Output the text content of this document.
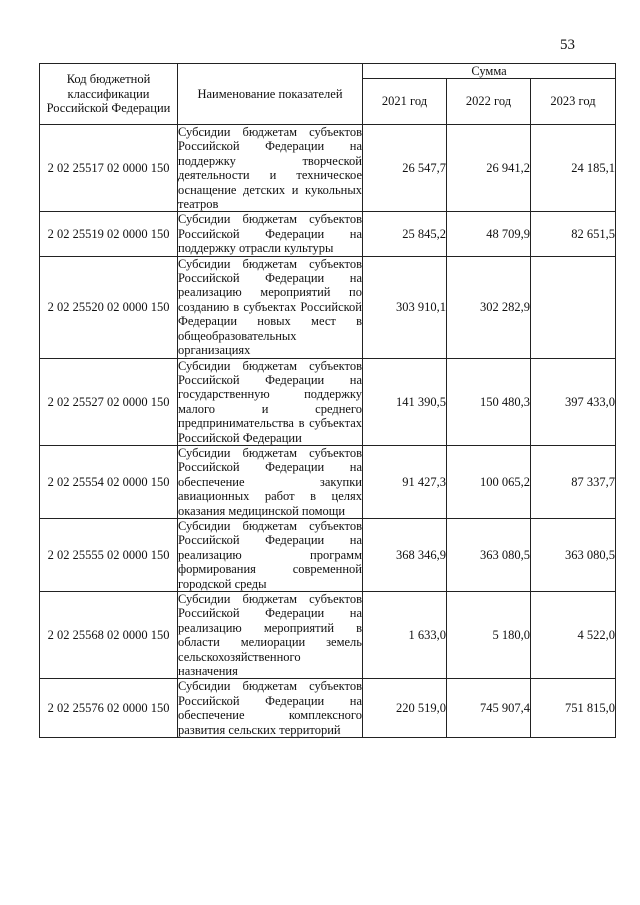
53
Код бюджетной классификации Российской Федерации	Наименование показателей	Сумма		
		2021 год	2022 год	2023 год
2 02 25517 02 0000 150	Субсидии бюджетам субъектов Российской Федерации на поддержку творческой деятельности и техническое оснащение детских и кукольных театров	26 547,7	26 941,2	24 185,1
2 02 25519 02 0000 150	Субсидии бюджетам субъектов Российской Федерации на поддержку отрасли культуры	25 845,2	48 709,9	82 651,5
2 02 25520 02 0000 150	Субсидии бюджетам субъектов Российской Федерации на реализацию мероприятий по созданию в субъектах Российской Федерации новых мест в общеобразовательных организациях	303 910,1	302 282,9	
2 02 25527 02 0000 150	Субсидии бюджетам субъектов Российской Федерации на государственную поддержку малого и среднего предпринимательства в субъектах Российской Федерации	141 390,5	150 480,3	397 433,0
2 02 25554 02 0000 150	Субсидии бюджетам субъектов Российской Федерации на обеспечение закупки авиационных работ в целях оказания медицинской помощи	91 427,3	100 065,2	87 337,7
2 02 25555 02 0000 150	Субсидии бюджетам субъектов Российской Федерации на реализацию программ формирования современной городской среды	368 346,9	363 080,5	363 080,5
2 02 25568 02 0000 150	Субсидии бюджетам субъектов Российской Федерации на реализацию мероприятий в области мелиорации земель сельскохозяйственного назначения	1 633,0	5 180,0	4 522,0
2 02 25576 02 0000 150	Субсидии бюджетам субъектов Российской Федерации на обеспечение комплексного развития сельских территорий	220 519,0	745 907,4	751 815,0
